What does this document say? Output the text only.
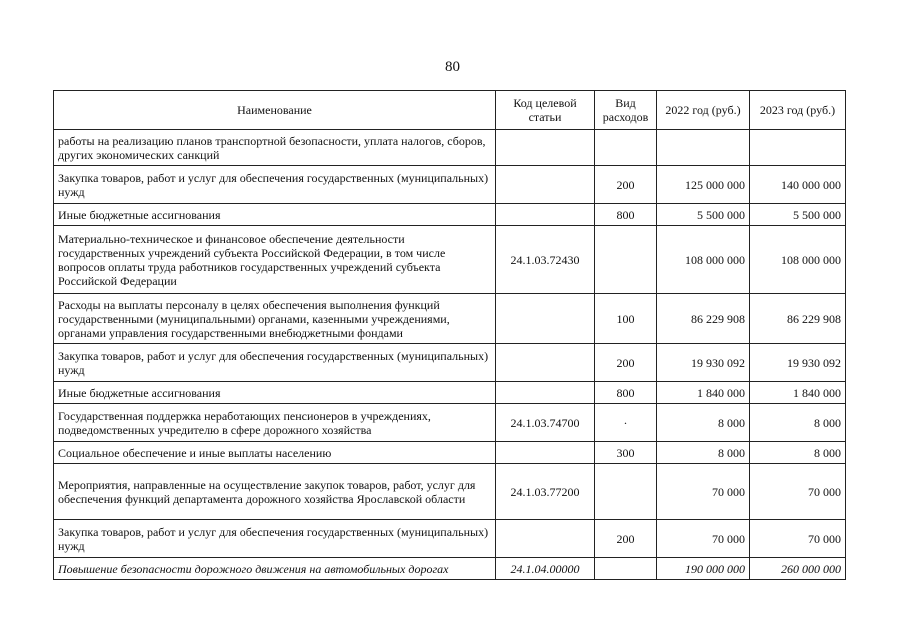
80
Наименование	Код целевой статьи	Вид расходов	2022 год (руб.)	2023 год (руб.)
работы на реализацию планов транспортной безопасности, уплата налогов, сборов, других экономических санкций				
Закупка товаров, работ и услуг для обеспечения государственных (муниципальных) нужд		200	125 000 000	140 000 000
Иные бюджетные ассигнования		800	5 500 000	5 500 000
Материально-техническое и финансовое обеспечение деятельности государственных учреждений субъекта Российской Федерации, в том числе вопросов оплаты труда работников государственных учреждений субъекта Российской Федерации	24.1.03.72430		108 000 000	108 000 000
Расходы на выплаты персоналу в целях обеспечения выполнения функций государственными (муниципальными) органами, казенными учреждениями, органами управления государственными внебюджетными фондами		100	86 229 908	86 229 908
Закупка товаров, работ и услуг для обеспечения государственных (муниципальных) нужд		200	19 930 092	19 930 092
Иные бюджетные ассигнования		800	1 840 000	1 840 000
Государственная поддержка неработающих пенсионеров в учреждениях, подведомственных учредителю в сфере дорожного хозяйства	24.1.03.74700	·	8 000	8 000
Социальное обеспечение и иные выплаты населению		300	8 000	8 000
Мероприятия, направленные на осуществление закупок товаров, работ, услуг для обеспечения функций департамента дорожного хозяйства Ярославской области	24.1.03.77200		70 000	70 000
Закупка товаров, работ и услуг для обеспечения государственных (муниципальных) нужд		200	70 000	70 000
Повышение безопасности дорожного движения на автомобильных дорогах	24.1.04.00000		190 000 000	260 000 000
